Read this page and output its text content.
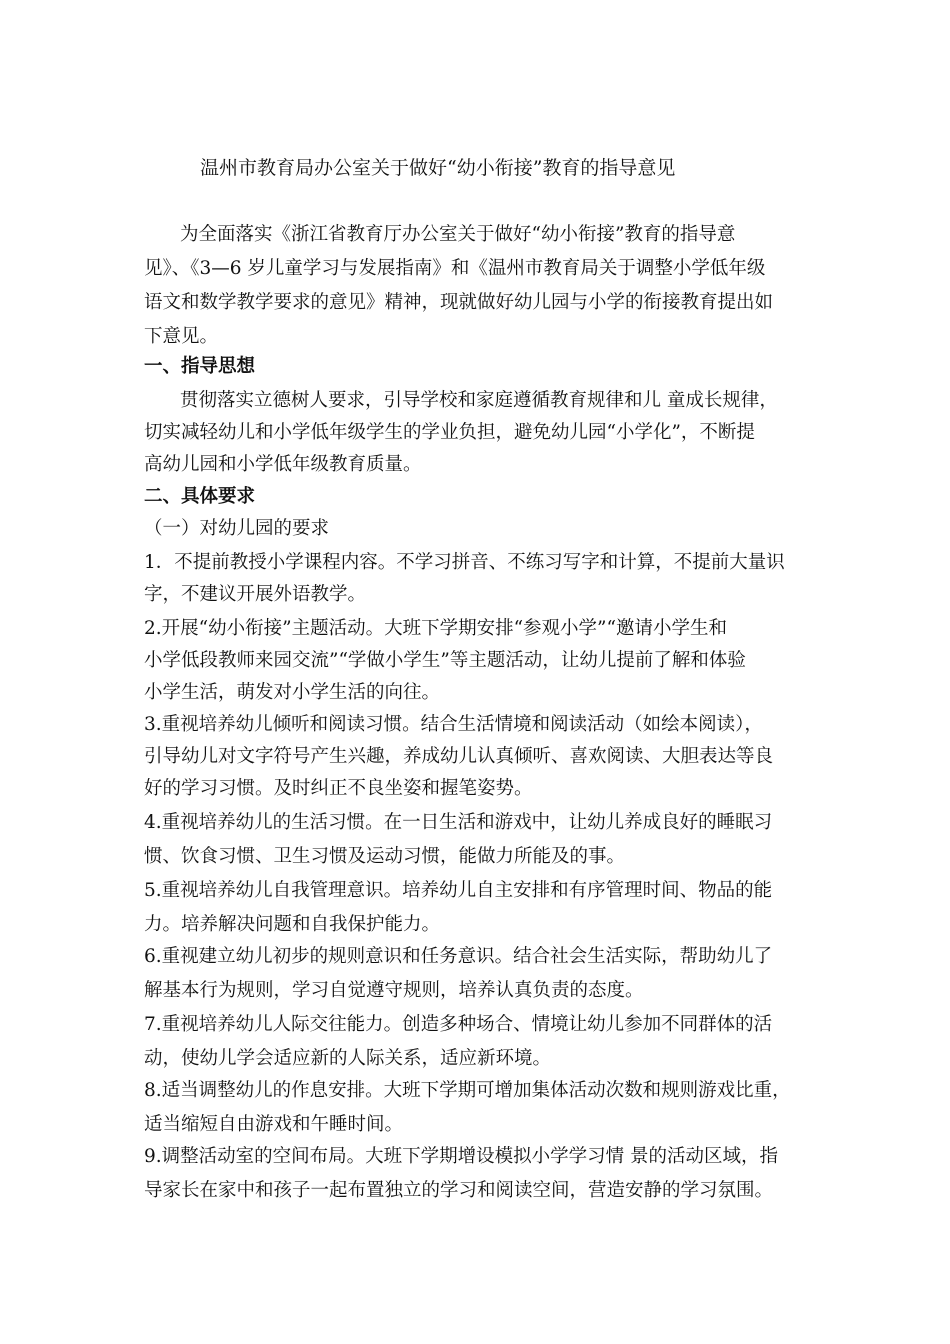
温州市教育局办公室关于做好“幼小衔接”教育的指导意见
为全面落实《浙江省教育厅办公室关于做好“幼小衔接”教育的指导意
见》、《3—6 岁儿童学习与发展指南》和《温州市教育局关于调整小学低年级
语文和数学教学要求的意见》精神，现就做好幼儿园与小学的衔接教育提出如
下意见。
一、指导思想
贯彻落实立德树人要求，引导学校和家庭遵循教育规律和儿 童成长规律，
切实减轻幼儿和小学低年级学生的学业负担，避免幼儿园“小学化”，不断提
高幼儿园和小学低年级教育质量。
二、具体要求
（一）对幼儿园的要求
1．不提前教授小学课程内容。不学习拼音、不练习写字和计算，不提前大量识
字，不建议开展外语教学。
2.开展“幼小衔接”主题活动。大班下学期安排“参观小学”“邀请小学生和
小学低段教师来园交流”“学做小学生”等主题活动，让幼儿提前了解和体验
小学生活，萌发对小学生活的向往。
3.重视培养幼儿倾听和阅读习惯。结合生活情境和阅读活动（如绘本阅读），
引导幼儿对文字符号产生兴趣，养成幼儿认真倾听、喜欢阅读、大胆表达等良
好的学习习惯。及时纠正不良坐姿和握笔姿势。
4.重视培养幼儿的生活习惯。在一日生活和游戏中，让幼儿养成良好的睡眠习
惯、饮食习惯、卫生习惯及运动习惯，能做力所能及的事。
5.重视培养幼儿自我管理意识。培养幼儿自主安排和有序管理时间、物品的能
力。培养解决问题和自我保护能力。
6.重视建立幼儿初步的规则意识和任务意识。结合社会生活实际，帮助幼儿了
解基本行为规则，学习自觉遵守规则，培养认真负责的态度。
7.重视培养幼儿人际交往能力。创造多种场合、情境让幼儿参加不同群体的活
动，使幼儿学会适应新的人际关系，适应新环境。
8.适当调整幼儿的作息安排。大班下学期可增加集体活动次数和规则游戏比重，
适当缩短自由游戏和午睡时间。
9.调整活动室的空间布局。大班下学期增设模拟小学学习情 景的活动区域，指
导家长在家中和孩子一起布置独立的学习和阅读空间，营造安静的学习氛围。
